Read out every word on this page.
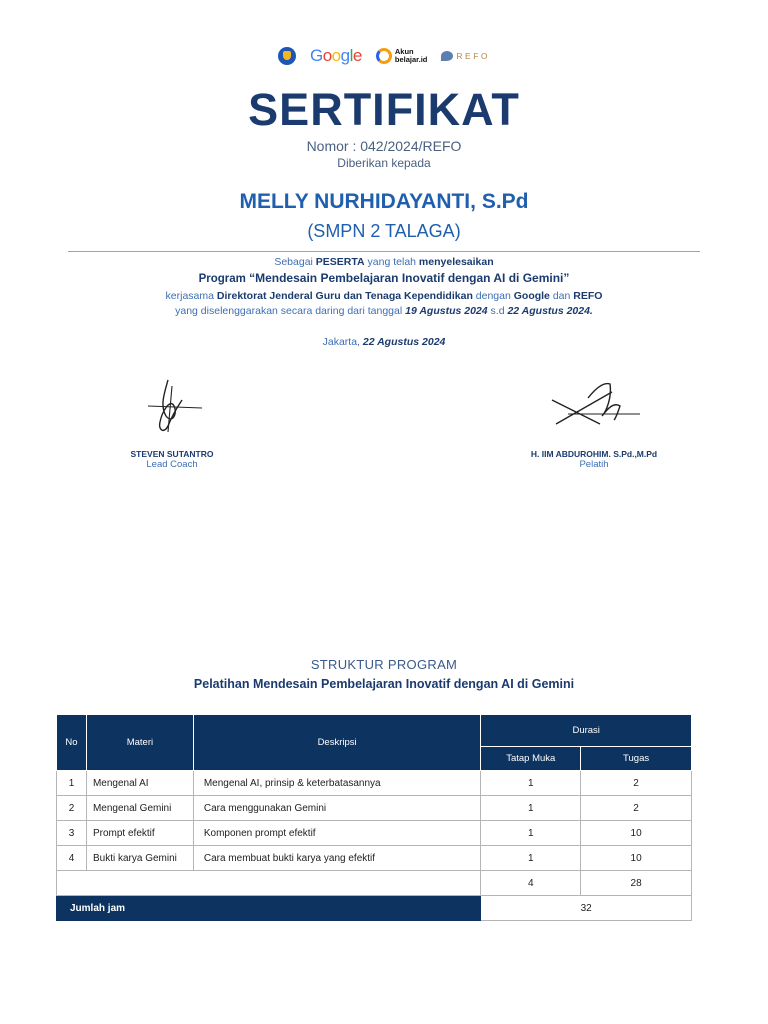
Google	Akun
belajar.id	REFO
SERTIFIKAT
Nomor : 042/2024/REFO
Diberikan kepada
MELLY NURHIDAYANTI, S.Pd
(SMPN 2 TALAGA)
Sebagai PESERTA yang telah menyelesaikan
Program “Mendesain Pembelajaran Inovatif dengan AI di Gemini”
kerjasama Direktorat Jenderal Guru dan Tenaga Kependidikan dengan Google dan REFO
yang diselenggarakan secara daring dari tanggal 19 Agustus 2024 s.d 22 Agustus 2024.
Jakarta, 22 Agustus 2024
STEVEN SUTANTRO
Lead Coach
H. IIM ABDUROHIM. S.Pd.,M.Pd
Pelatih
STRUKTUR PROGRAM
Pelatihan Mendesain Pembelajaran Inovatif dengan AI di Gemini
No	Materi	Deskripsi	Durasi	
			Tatap Muka	Tugas
1	Mengenal AI	Mengenal AI, prinsip & keterbatasannya	1	2
2	Mengenal Gemini	Cara menggunakan Gemini	1	2
3	Prompt efektif	Komponen prompt efektif	1	10
4	Bukti karya Gemini	Cara membuat bukti karya yang efektif	1	10
			4	28
Jumlah jam			32	
